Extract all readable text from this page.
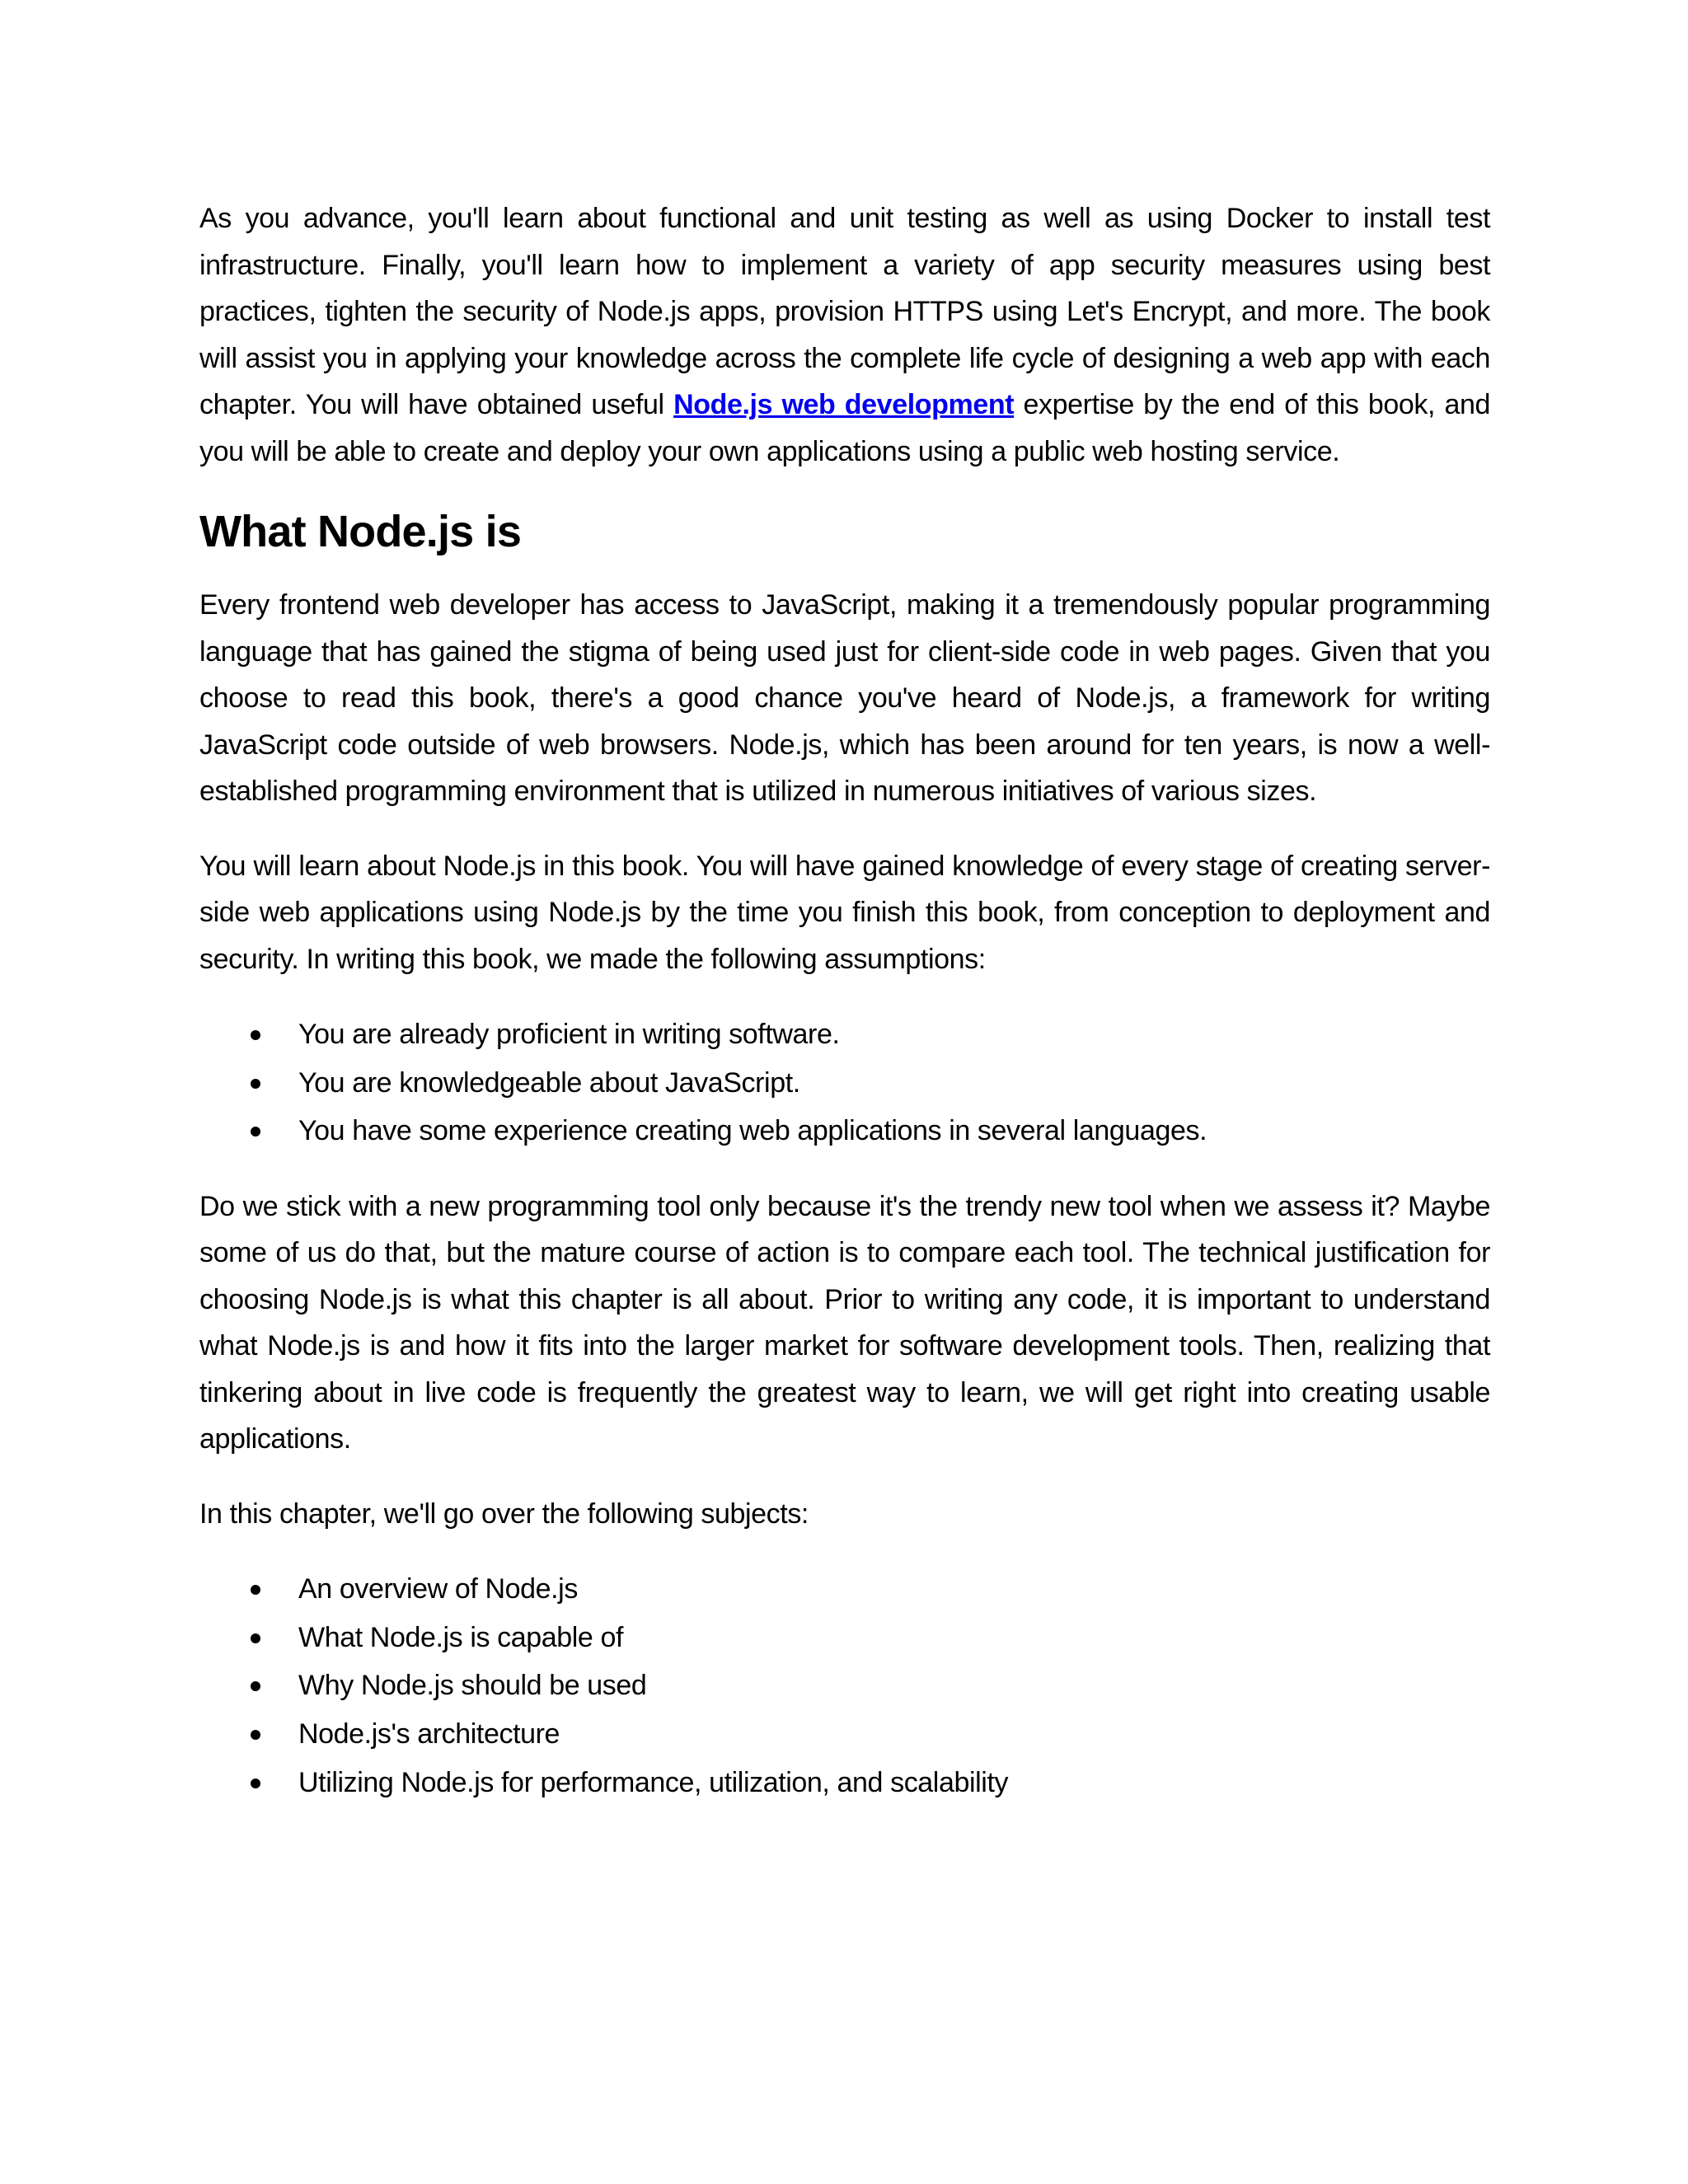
As you advance, you'll learn about functional and unit testing as well as using Docker to install test infrastructure. Finally, you'll learn how to implement a variety of app security measures using best practices, tighten the security of Node.js apps, provision HTTPS using Let's Encrypt, and more. The book will assist you in applying your knowledge across the complete life cycle of designing a web app with each chapter. You will have obtained useful Node.js web development expertise by the end of this book, and you will be able to create and deploy your own applications using a public web hosting service.

What Node.js is

Every frontend web developer has access to JavaScript, making it a tremendously popular programming language that has gained the stigma of being used just for client-side code in web pages. Given that you choose to read this book, there's a good chance you've heard of Node.js, a framework for writing JavaScript code outside of web browsers. Node.js, which has been around for ten years, is now a well-established programming environment that is utilized in numerous initiatives of various sizes.

You will learn about Node.js in this book. You will have gained knowledge of every stage of creating server-side web applications using Node.js by the time you finish this book, from conception to deployment and security. In writing this book, we made the following assumptions:

You are already proficient in writing software.
You are knowledgeable about JavaScript.
You have some experience creating web applications in several languages.

Do we stick with a new programming tool only because it's the trendy new tool when we assess it? Maybe some of us do that, but the mature course of action is to compare each tool. The technical justification for choosing Node.js is what this chapter is all about. Prior to writing any code, it is important to understand what Node.js is and how it fits into the larger market for software development tools. Then, realizing that tinkering about in live code is frequently the greatest way to learn, we will get right into creating usable applications.

In this chapter, we'll go over the following subjects:

An overview of Node.js
What Node.js is capable of
Why Node.js should be used
Node.js's architecture
Utilizing Node.js for performance, utilization, and scalability
